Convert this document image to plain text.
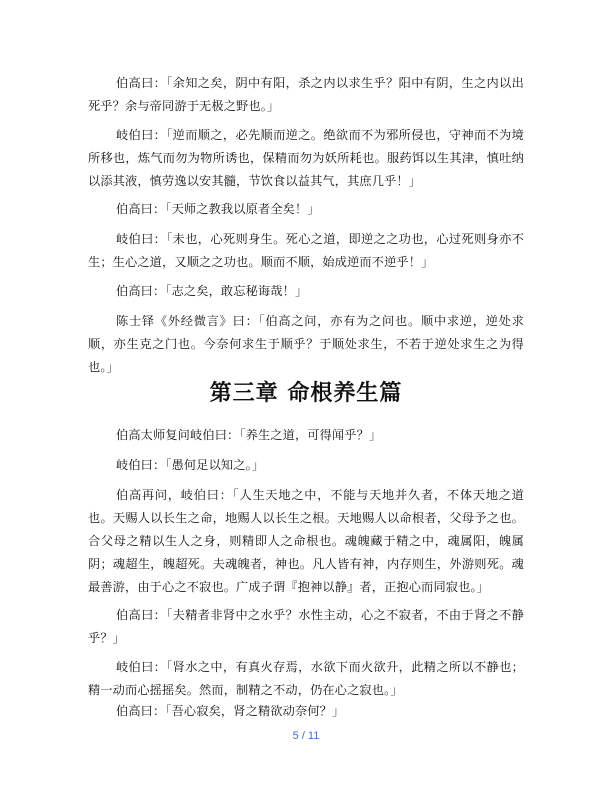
伯高曰：「余知之矣，阴中有阳，杀之内以求生乎？阳中有阴，生之内以出死乎？余与帝同游于无极之野也。」

岐伯曰：「逆而顺之，必先顺而逆之。绝欲而不为邪所侵也，守神而不为境所移也，炼气而勿为物所诱也，保精而勿为妖所耗也。服药饵以生其津，慎吐纳以添其液，慎劳逸以安其髓，节饮食以益其气，其庶几乎！」

伯高曰：「天师之教我以原者全矣！」

岐伯曰：「未也，心死则身生。死心之道，即逆之之功也，心过死则身亦不生；生心之道，又顺之之功也。顺而不顺，始成逆而不逆乎！」

伯高曰：「志之矣，敢忘秘诲哉！」

陈士铎《外经微言》曰：「伯高之问，亦有为之问也。顺中求逆，逆处求顺，亦生克之门也。今奈何求生于顺乎？于顺处求生，不若于逆处求生之为得也。」

第三章 命根养生篇

伯高太师复问岐伯曰：「养生之道，可得闻乎？」

岐伯曰：「愚何足以知之。」

伯高再问，岐伯曰：「人生天地之中，不能与天地并久者，不体天地之道也。天赐人以长生之命，地赐人以长生之根。天地赐人以命根者，父母予之也。合父母之精以生人之身，则精即人之命根也。魂魄藏于精之中，魂属阳，魄属阴；魂超生，魄超死。夫魂魄者，神也。凡人皆有神，内存则生，外游则死。魂最善游，由于心之不寂也。广成子谓『抱神以静』者，正抱心而同寂也。」

伯高曰：「夫精者非肾中之水乎？水性主动，心之不寂者，不由于肾之不静乎？」

岐伯曰：「肾水之中，有真火存焉，水欲下而火欲升，此精之所以不静也；精一动而心摇摇矣。然而，制精之不动，仍在心之寂也。」

伯高曰：「吾心寂矣，肾之精欲动奈何？」

5 / 11
